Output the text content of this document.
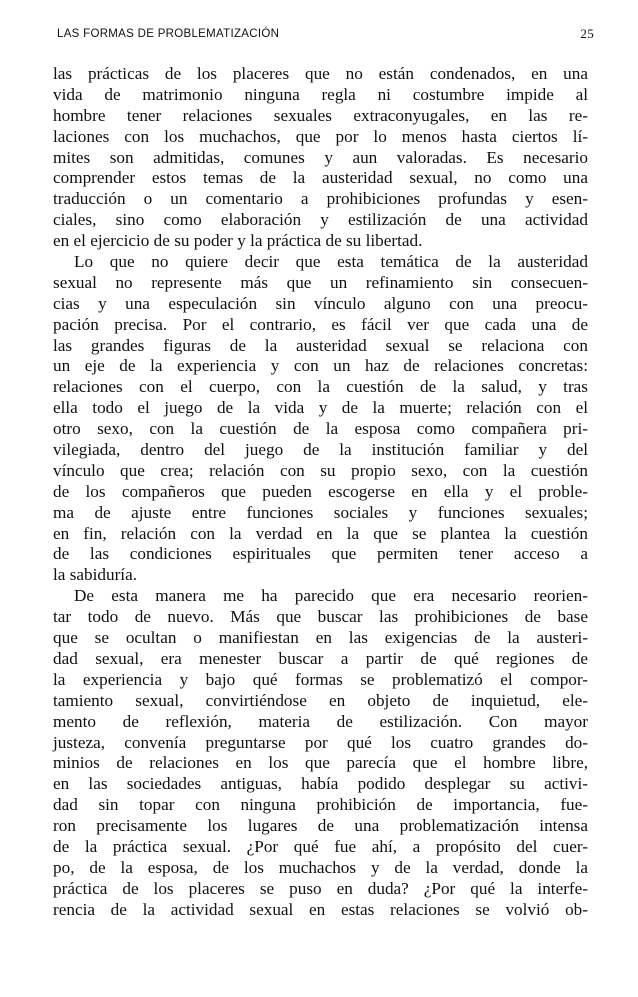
LAS FORMAS DE PROBLEMATIZACIÓN	25
las prácticas de los placeres que no están condenados, en una
vida de matrimonio ninguna regla ni costumbre impide al
hombre tener relaciones sexuales extraconyugales, en las re-
laciones con los muchachos, que por lo menos hasta ciertos lí-
mites son admitidas, comunes y aun valoradas. Es necesario
comprender estos temas de la austeridad sexual, no como una
traducción o un comentario a prohibiciones profundas y esen-
ciales, sino como elaboración y estilización de una actividad
en el ejercicio de su poder y la práctica de su libertad.
Lo que no quiere decir que esta temática de la austeridad
sexual no represente más que un refinamiento sin consecuen-
cias y una especulación sin vínculo alguno con una preocu-
pación precisa. Por el contrario, es fácil ver que cada una de
las grandes figuras de la austeridad sexual se relaciona con
un eje de la experiencia y con un haz de relaciones concretas:
relaciones con el cuerpo, con la cuestión de la salud, y tras
ella todo el juego de la vida y de la muerte; relación con el
otro sexo, con la cuestión de la esposa como compañera pri-
vilegiada, dentro del juego de la institución familiar y del
vínculo que crea; relación con su propio sexo, con la cuestión
de los compañeros que pueden escogerse en ella y el proble-
ma de ajuste entre funciones sociales y funciones sexuales;
en fin, relación con la verdad en la que se plantea la cuestión
de las condiciones espirituales que permiten tener acceso a
la sabiduría.
De esta manera me ha parecido que era necesario reorien-
tar todo de nuevo. Más que buscar las prohibiciones de base
que se ocultan o manifiestan en las exigencias de la austeri-
dad sexual, era menester buscar a partir de qué regiones de
la experiencia y bajo qué formas se problematizó el compor-
tamiento sexual, convirtiéndose en objeto de inquietud, ele-
mento de reflexión, materia de estilización. Con mayor
justeza, convenía preguntarse por qué los cuatro grandes do-
minios de relaciones en los que parecía que el hombre libre,
en las sociedades antiguas, había podido desplegar su activi-
dad sin topar con ninguna prohibición de importancia, fue-
ron precisamente los lugares de una problematización intensa
de la práctica sexual. ¿Por qué fue ahí, a propósito del cuer-
po, de la esposa, de los muchachos y de la verdad, donde la
práctica de los placeres se puso en duda? ¿Por qué la interfe-
rencia de la actividad sexual en estas relaciones se volvió ob-
